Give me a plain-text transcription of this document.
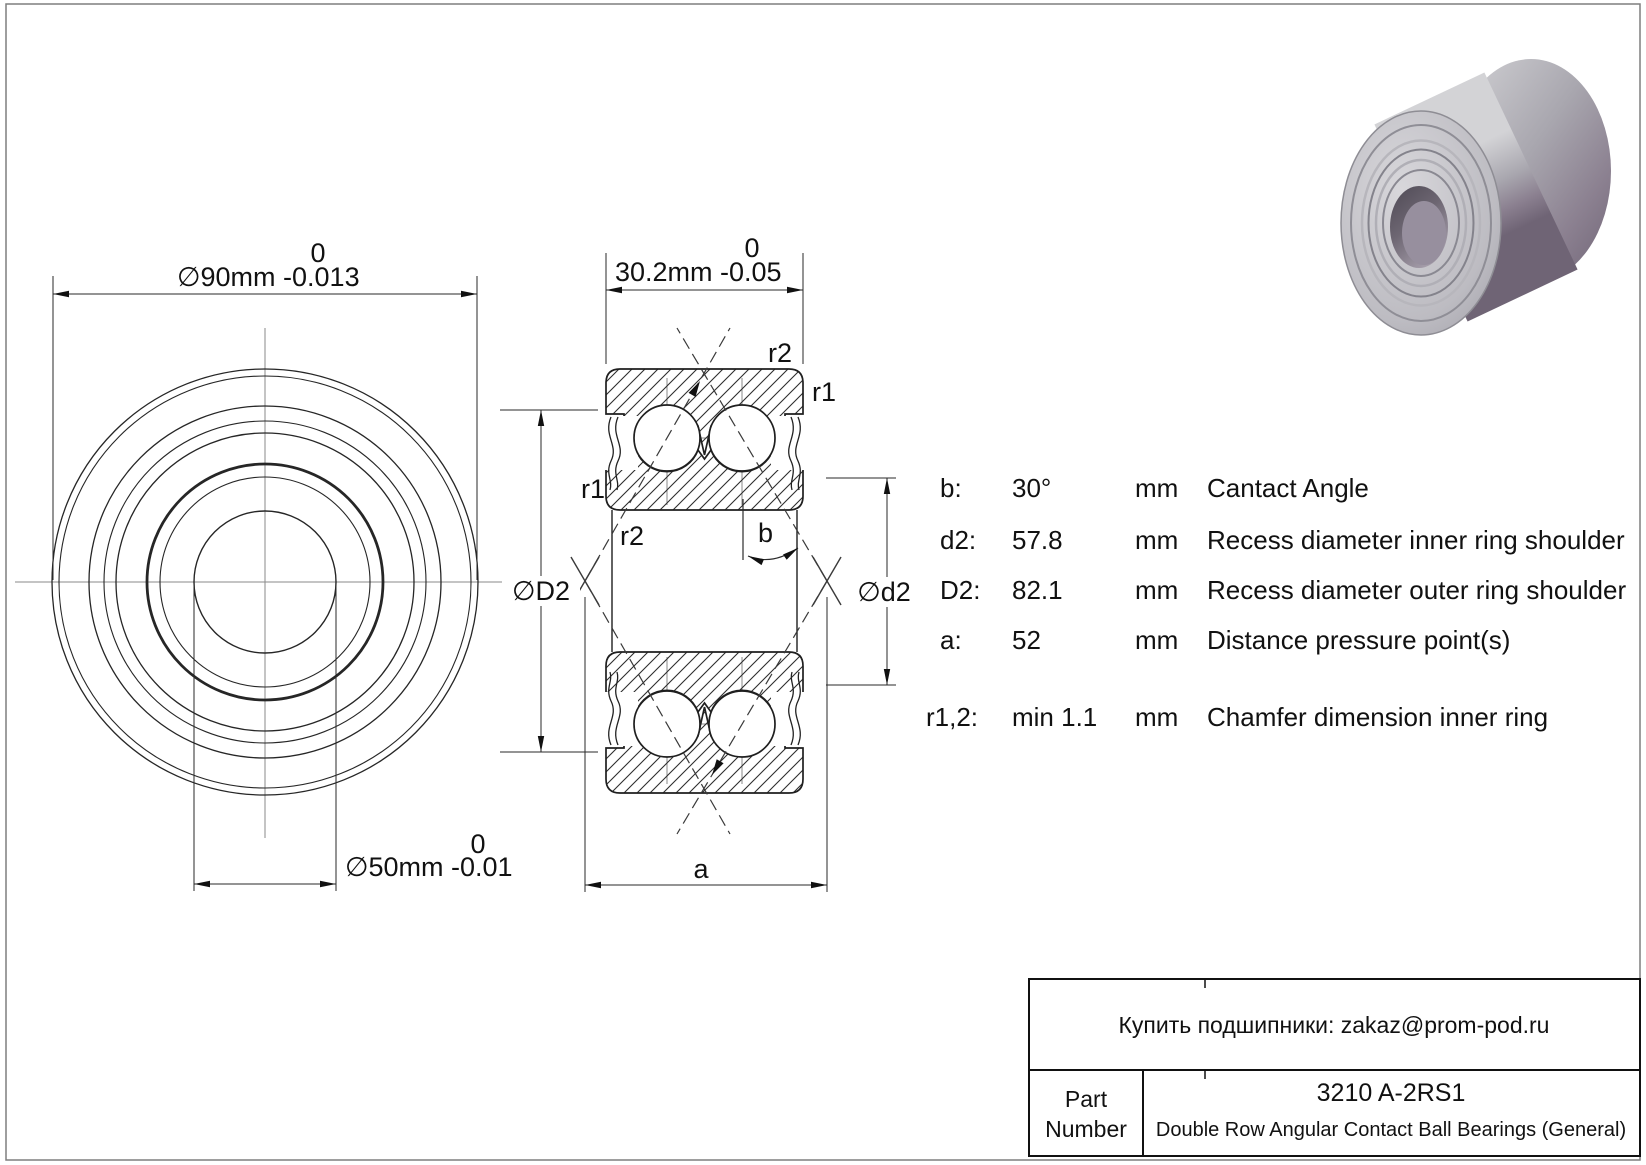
∅90mm -0.013
0
∅50mm -0.01
0
30.2mm -0.05
0
r2
r1
r1
r2	b
a
∅D2	∅d2
b: 30°	mm Cantact Angle
d2: 57.8	mm Recess diameter inner ring shoulder
D2: 82.1	mm Recess diameter outer ring shoulder
a: 52	mm Distance pressure point(s)
r1,2: min 1.1 mm Chamfer dimension inner ring
Купить подшипники: zakaz@prom-pod.ru
Part
Number
3210 A-2RS1
Double Row Angular Contact Ball Bearings (General)
